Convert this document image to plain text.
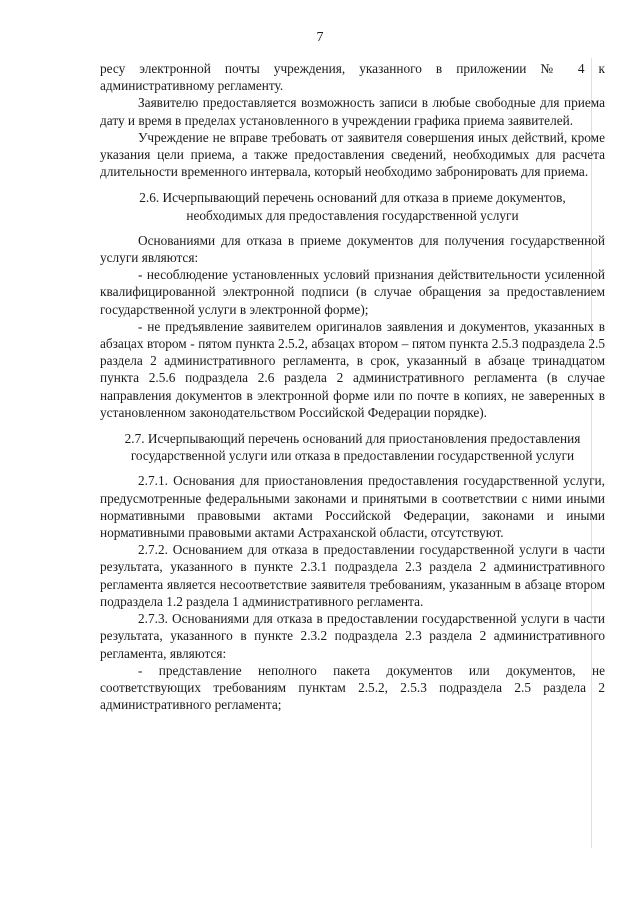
7

ресу электронной почты учреждения, указанного в приложении № 4 к административному регламенту.

Заявителю предоставляется возможность записи в любые свободные для приема дату и время в пределах установленного в учреждении графика приема заявителей.

Учреждение не вправе требовать от заявителя совершения иных действий, кроме указания цели приема, а также предоставления сведений, необходимых для расчета длительности временного интервала, который необходимо забронировать для приема.

2.6. Исчерпывающий перечень оснований для отказа в приеме документов, необходимых для предоставления государственной услуги

Основаниями для отказа в приеме документов для получения государственной услуги являются:

- несоблюдение установленных условий признания действительности усиленной квалифицированной электронной подписи (в случае обращения за предоставлением государственной услуги в электронной форме);

- не предъявление заявителем оригиналов заявления и документов, указанных в абзацах втором - пятом пункта 2.5.2, абзацах втором – пятом пункта 2.5.3 подраздела 2.5 раздела 2 административного регламента, в срок, указанный в абзаце тринадцатом пункта 2.5.6 подраздела 2.6 раздела 2 административного регламента (в случае направления документов в электронной форме или по почте в копиях, не заверенных в установленном законодательством Российской Федерации порядке).

2.7. Исчерпывающий перечень оснований для приостановления предоставления государственной услуги или отказа в предоставлении государственной услуги

2.7.1. Основания для приостановления предоставления государственной услуги, предусмотренные федеральными законами и принятыми в соответствии с ними иными нормативными правовыми актами Российской Федерации, законами и иными нормативными правовыми актами Астраханской области, отсутствуют.

2.7.2. Основанием для отказа в предоставлении государственной услуги в части результата, указанного в пункте 2.3.1 подраздела 2.3 раздела 2 административного регламента является несоответствие заявителя требованиям, указанным в абзаце втором подраздела 1.2 раздела 1 административного регламента.

2.7.3. Основаниями для отказа в предоставлении государственной услуги в части результата, указанного в пункте 2.3.2 подраздела 2.3 раздела 2 административного регламента, являются:

- представление неполного пакета документов или документов, не соответствующих требованиям пунктам 2.5.2, 2.5.3 подраздела 2.5 раздела 2 административного регламента;
